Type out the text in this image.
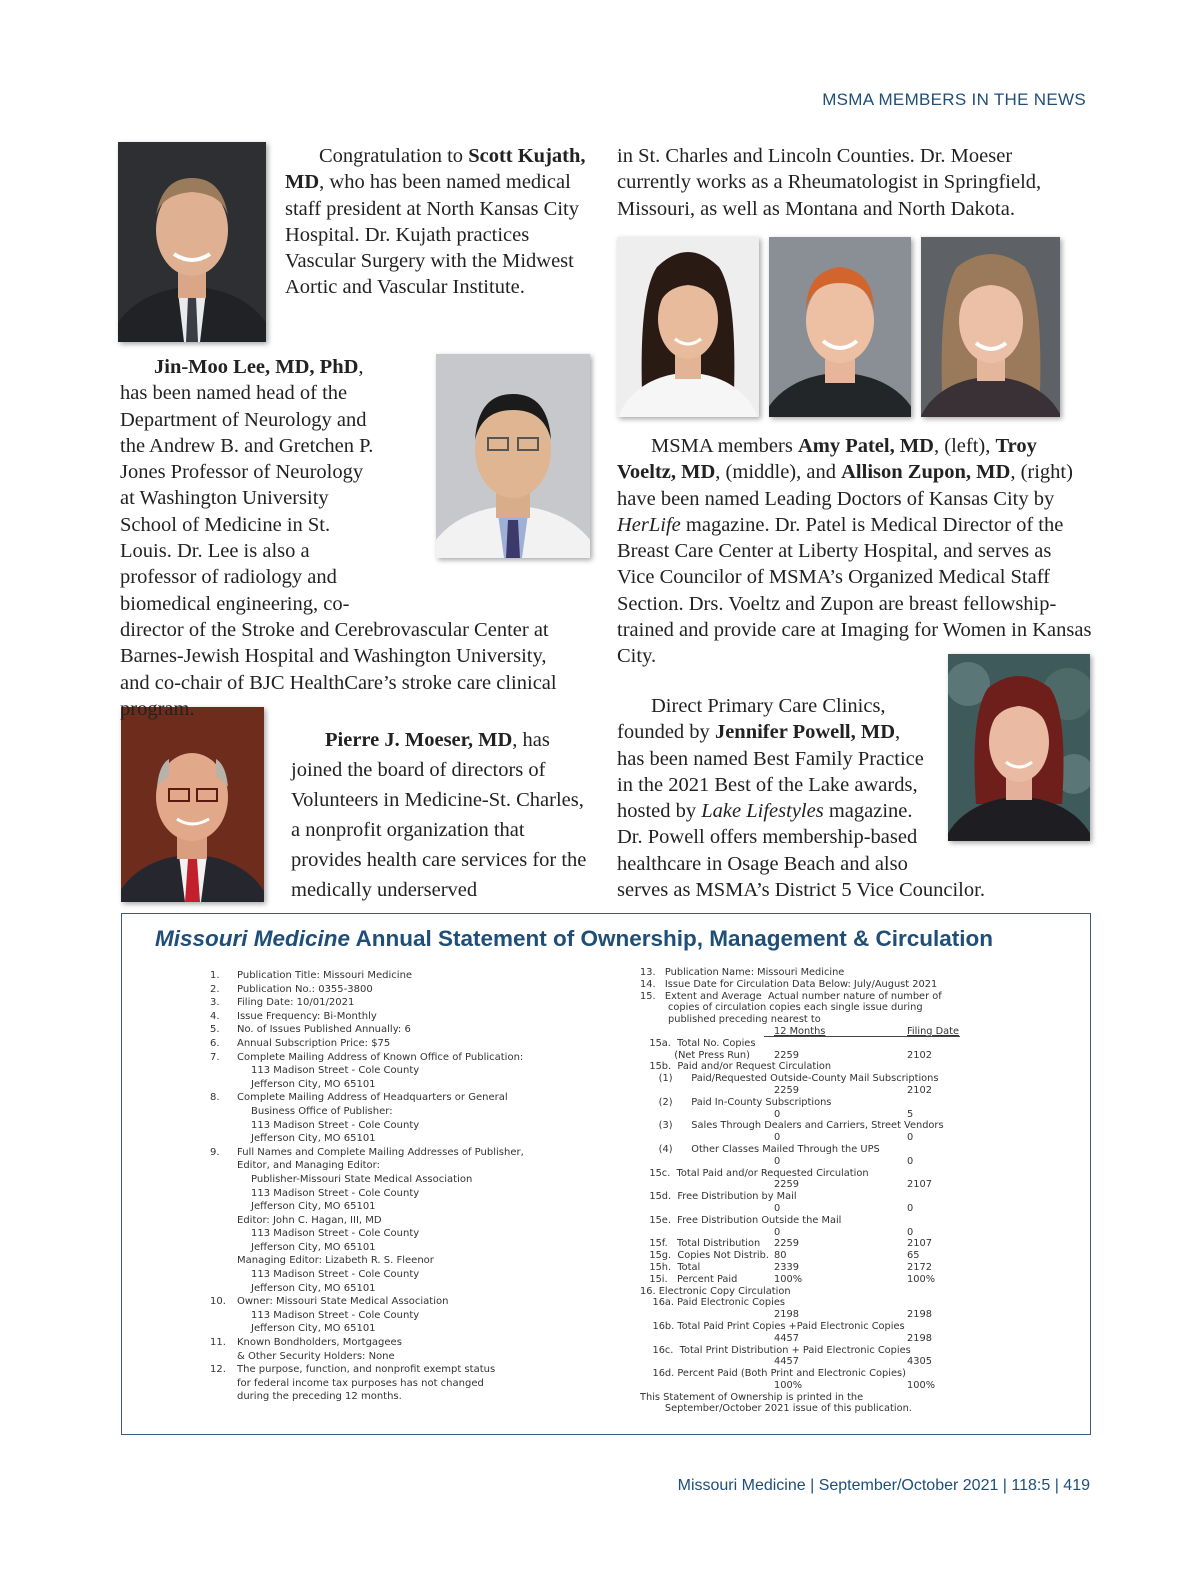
MSMA MEMBERS IN THE NEWS

Congratulation to Scott Kujath, MD, who has been named medical staff president at North Kansas City Hospital. Dr. Kujath practices Vascular Surgery with the Midwest Aortic and Vascular Institute.

Jin-Moo Lee, MD, PhD, has been named head of the Department of Neurology and the Andrew B. and Gretchen P. Jones Professor of Neurology at Washington University School of Medicine in St. Louis. Dr. Lee is also a professor of radiology and biomedical engineering, co-director of the Stroke and Cerebrovascular Center at Barnes-Jewish Hospital and Washington University, and co-chair of BJC HealthCare’s stroke care clinical program.

Pierre J. Moeser, MD, has joined the board of directors of Volunteers in Medicine-St. Charles, a nonprofit organization that provides health care services for the medically underserved

in St. Charles and Lincoln Counties. Dr. Moeser currently works as a Rheumatologist in Springfield, Missouri, as well as Montana and North Dakota.

MSMA members Amy Patel, MD, (left), Troy Voeltz, MD, (middle), and Allison Zupon, MD, (right) have been named Leading Doctors of Kansas City by HerLife magazine. Dr. Patel is Medical Director of the Breast Care Center at Liberty Hospital, and serves as Vice Councilor of MSMA’s Organized Medical Staff Section. Drs. Voeltz and Zupon are breast fellowship-trained and provide care at Imaging for Women in Kansas City.

Direct Primary Care Clinics, founded by Jennifer Powell, MD, has been named Best Family Practice in the 2021 Best of the Lake awards, hosted by Lake Lifestyles magazine. Dr. Powell offers membership-based healthcare in Osage Beach and also serves as MSMA’s District 5 Vice Councilor.

Missouri Medicine Annual Statement of Ownership, Management & Circulation
1. Publication Title: Missouri Medicine
2. Publication No.: 0355-3800
3. Filing Date: 10/01/2021
4. Issue Frequency: Bi-Monthly
5. No. of Issues Published Annually: 6
6. Annual Subscription Price: $75
7. Complete Mailing Address of Known Office of Publication:
113 Madison Street - Cole County
Jefferson City, MO 65101
8. Complete Mailing Address of Headquarters or General
Business Office of Publisher:
113 Madison Street - Cole County
Jefferson City, MO 65101
9. Full Names and Complete Mailing Addresses of Publisher,
Editor, and Managing Editor:
Publisher-Missouri State Medical Association
113 Madison Street - Cole County
Jefferson City, MO 65101
Editor: John C. Hagan, III, MD
113 Madison Street - Cole County
Jefferson City, MO 65101
Managing Editor: Lizabeth R. S. Fleenor
113 Madison Street - Cole County
Jefferson City, MO 65101
10. Owner: Missouri State Medical Association
113 Madison Street - Cole County
Jefferson City, MO 65101
11. Known Bondholders, Mortgagees
& Other Security Holders: None
12. The purpose, function, and nonprofit exempt status
for federal income tax purposes has not changed
during the preceding 12 months.
13.   Publication Name: Missouri Medicine
14.   Issue Date for Circulation Data Below: July/August 2021
15.   Extent and Average  Actual number nature of number of
copies of circulation copies each single issue during
published preceding nearest to
12 Months	Filing Date
15a.  Total No. Copies
(Net Press Run) 2259	2102
15b.  Paid and/or Request Circulation
(1)      Paid/Requested Outside-County Mail Subscriptions
2259	2102
(2)      Paid In-County Subscriptions
0	5
(3)      Sales Through Dealers and Carriers, Street Vendors
0	0
(4)      Other Classes Mailed Through the UPS
0	0
15c.  Total Paid and/or Requested Circulation
2259	2107
15d.  Free Distribution by Mail
0	0
15e.  Free Distribution Outside the Mail
0	0
15f.   Total Distribution 2259	2107
15g.  Copies Not Distrib. 80	65
15h.  Total	2339	2172
15i.   Percent Paid	100%	100%
16. Electronic Copy Circulation
16a. Paid Electronic Copies
2198	2198
16b. Total Paid Print Copies +Paid Electronic Copies
4457	2198
16c.  Total Print Distribution + Paid Electronic Copies
4457	4305
16d. Percent Paid (Both Print and Electronic Copies)
100%	100%
This Statement of Ownership is printed in the
September/October 2021 issue of this publication.
Missouri Medicine | September/October 2021 | 118:5 | 419
